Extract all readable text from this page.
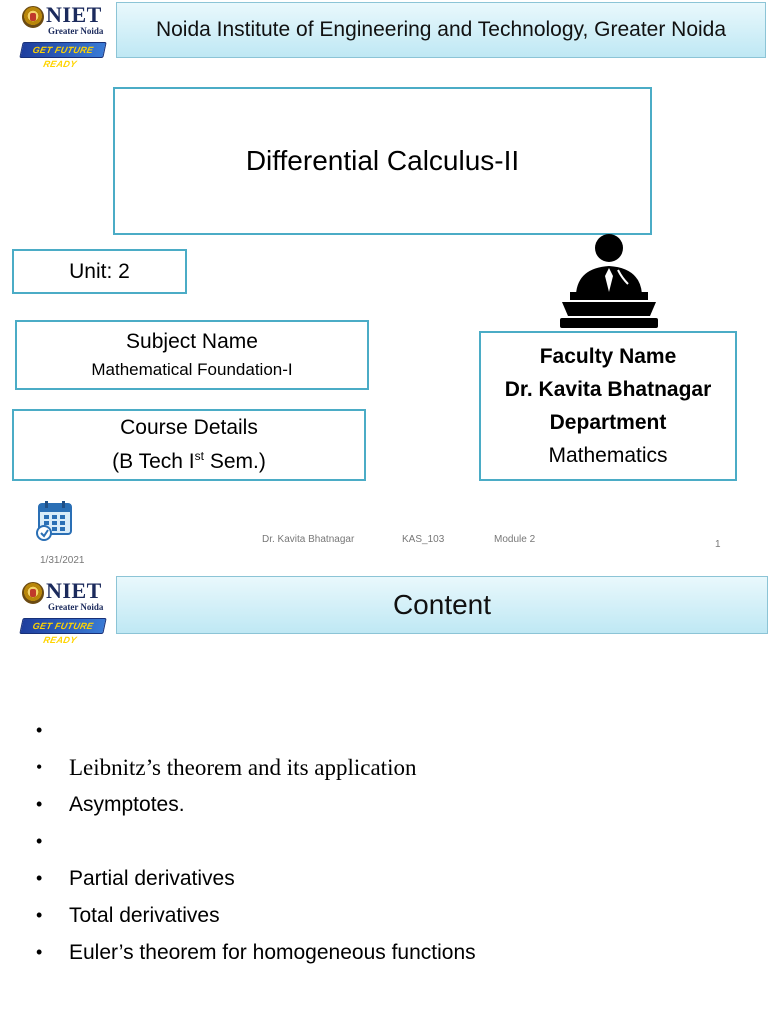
NIET
Greater Noida
GET FUTURE READY
Noida Institute of Engineering and Technology, Greater Noida
Differential Calculus-II
Unit: 2
Subject Name
Mathematical Foundation-I
Course Details
(B Tech Ist Sem.)
Faculty Name
Dr. Kavita Bhatnagar
Department
Mathematics
Dr. Kavita Bhatnagar	KAS_103	Module 2	1
1/31/2021
NIET
Greater Noida
GET FUTURE READY
Content
•
•	Leibnitz’s theorem and its application
•	Asymptotes.
•
•	Partial derivatives
•	Total derivatives
•	Euler’s theorem for homogeneous functions
